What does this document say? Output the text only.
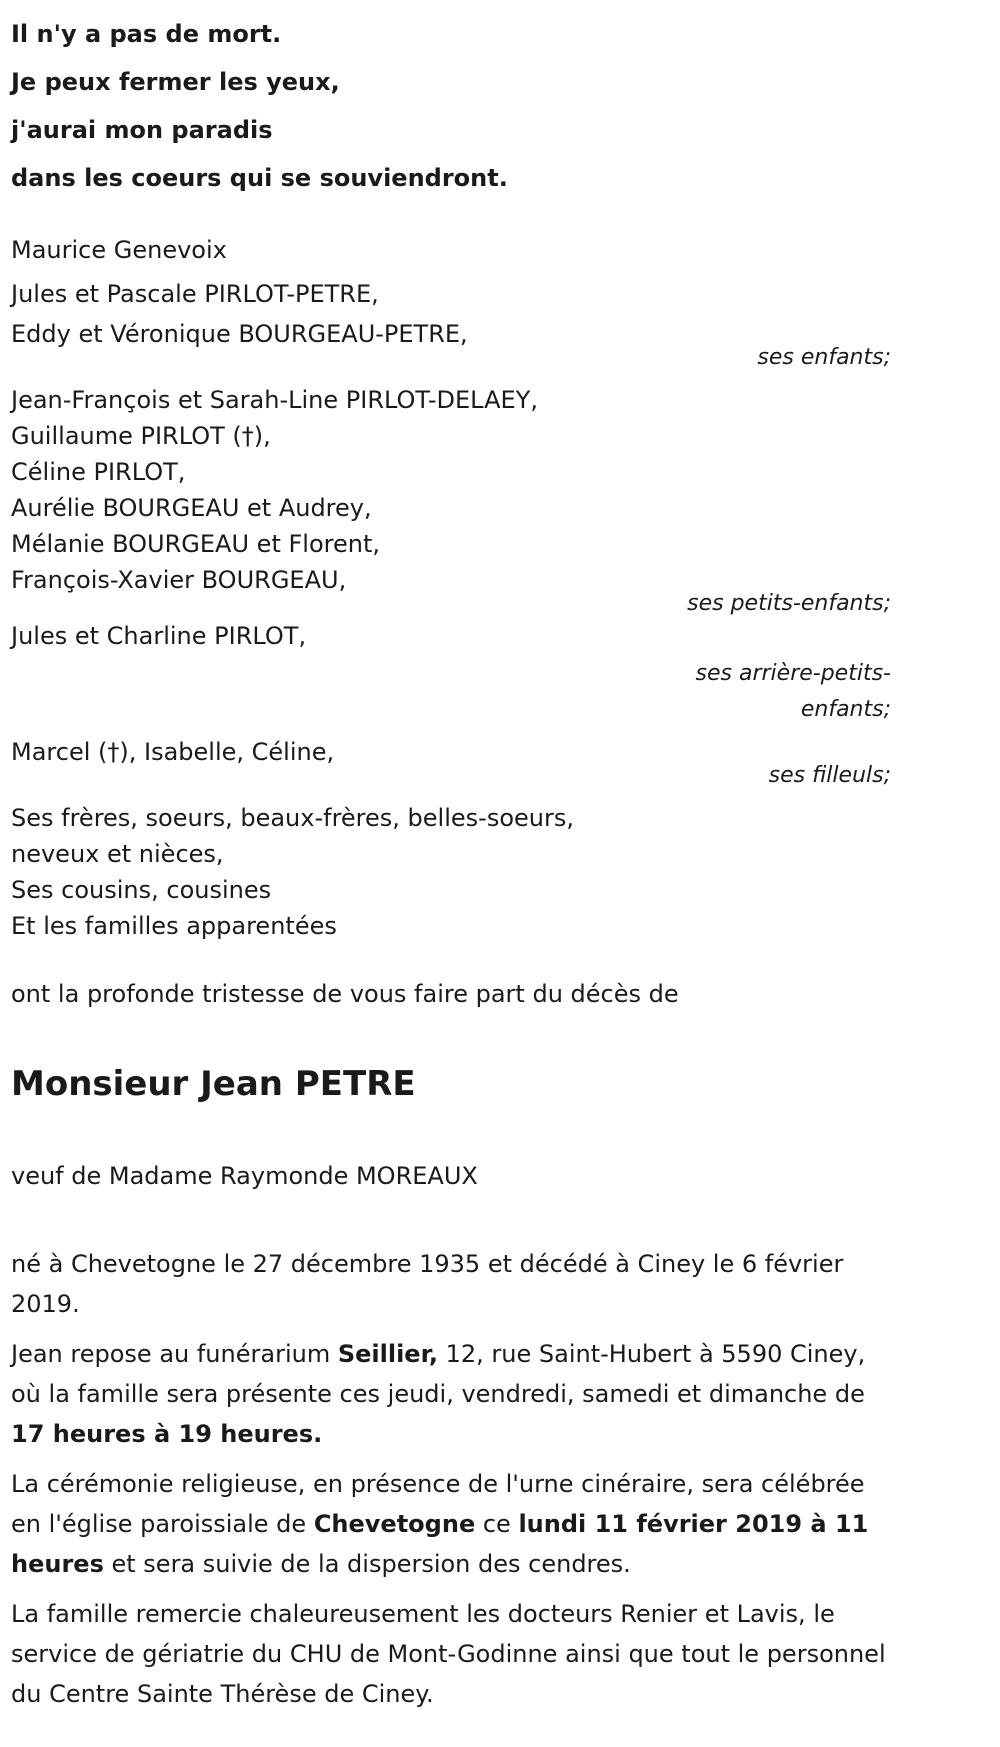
Il n'y a pas de mort.

Je peux fermer les yeux,

j'aurai mon paradis

dans les coeurs qui se souviendront.

Maurice Genevoix

Jules et Pascale PIRLOT-PETRE,

Eddy et Véronique BOURGEAU-PETRE,

ses enfants;

Jean-François et Sarah-Line PIRLOT-DELAEY,

Guillaume PIRLOT (†),

Céline PIRLOT,

Aurélie BOURGEAU et Audrey,

Mélanie BOURGEAU et Florent,

François-Xavier BOURGEAU,

ses petits-enfants;

Jules et Charline PIRLOT,

ses arrière-petits-

enfants;

Marcel (†), Isabelle, Céline,

ses filleuls;

Ses frères, soeurs, beaux-frères, belles-soeurs,

neveux et nièces,

Ses cousins, cousines

Et les familles apparentées

ont la profonde tristesse de vous faire part du décès de

Monsieur Jean PETRE

veuf de Madame Raymonde MOREAUX

né à Chevetogne le 27 décembre 1935 et décédé à Ciney le 6 février 2019.

Jean repose au funérarium Seillier, 12, rue Saint-Hubert à 5590 Ciney, où la famille sera présente ces jeudi, vendredi, samedi et dimanche de 17 heures à 19 heures.

La cérémonie religieuse, en présence de l'urne cinéraire, sera célébrée en l'église paroissiale de Chevetogne ce lundi 11 février 2019 à 11 heures et sera suivie de la dispersion des cendres.

La famille remercie chaleureusement les docteurs Renier et Lavis, le service de gériatrie du CHU de Mont-Godinne ainsi que tout le personnel du Centre Sainte Thérèse de Ciney.
